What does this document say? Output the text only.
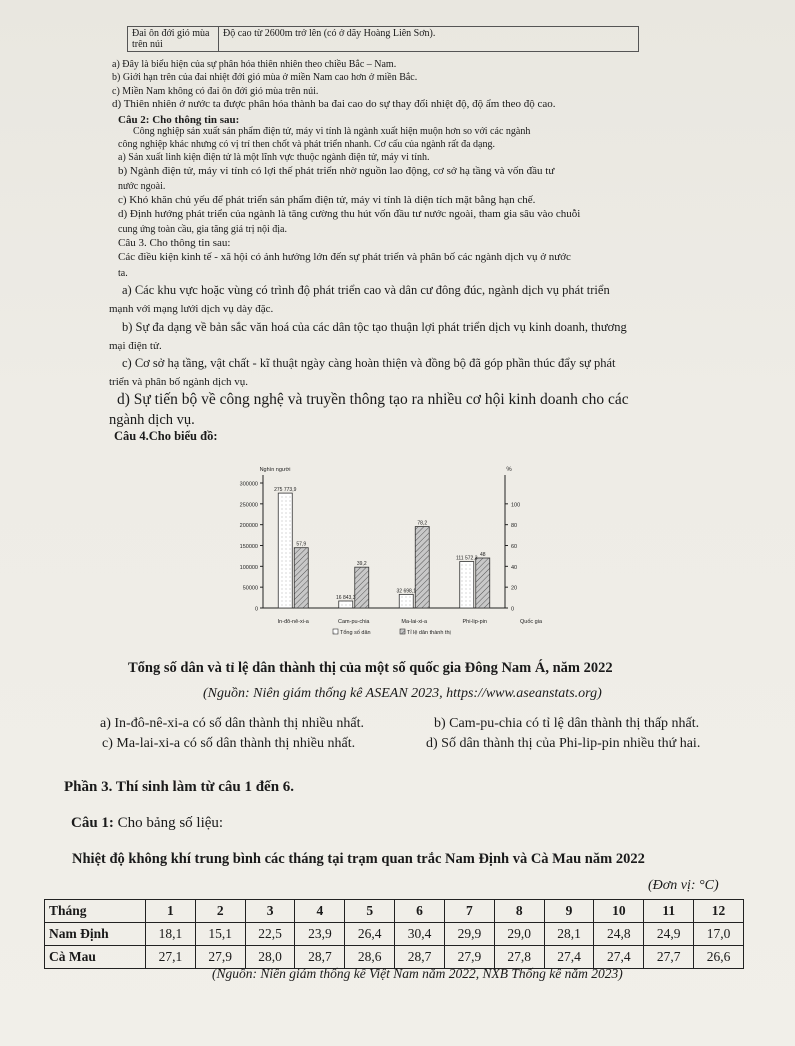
Đai ôn đới gió mùa trên núi	Độ cao từ 2600m trở lên (có ở dãy Hoàng Liên Sơn).
a) Đây là biểu hiện của sự phân hóa thiên nhiên theo chiều Bắc – Nam.
b) Giới hạn trên của đai nhiệt đới gió mùa ở miền Nam cao hơn ở miền Bắc.
c) Miền Nam không có đai ôn đới gió mùa trên núi.
d) Thiên nhiên ở nước ta được phân hóa thành ba đai cao do sự thay đổi nhiệt độ, độ ẩm theo độ cao.
Câu 2: Cho thông tin sau:
Công nghiệp sản xuất sản phẩm điện tử, máy vi tính là ngành xuất hiện muộn hơn so với các ngành
công nghiệp khác nhưng có vị trí then chốt và phát triển nhanh. Cơ cấu của ngành rất đa dạng.
a) Sản xuất linh kiện điện tử là một lĩnh vực thuộc ngành điện tử, máy vi tính.
b) Ngành điện tử, máy vi tính có lợi thế phát triển nhờ nguồn lao động, cơ sở hạ tầng và vốn đầu tư
nước ngoài.
c) Khó khăn chủ yếu để phát triển sản phẩm điện tử, máy vi tính là diện tích mặt bằng hạn chế.
d) Định hướng phát triển của ngành là tăng cường thu hút vốn đầu tư nước ngoài, tham gia sâu vào chuỗi
cung ứng toàn cầu, gia tăng giá trị nội địa.
Câu 3. Cho thông tin sau:
Các điều kiện kinh tế - xã hội có ảnh hưởng lớn đến sự phát triển và phân bố các ngành dịch vụ ở nước
ta.
a) Các khu vực hoặc vùng có trình độ phát triển cao và dân cư đông đúc, ngành dịch vụ phát triển
mạnh với mạng lưới dịch vụ dày đặc.
b) Sự đa dạng về bản sắc văn hoá của các dân tộc tạo thuận lợi phát triển dịch vụ kinh doanh, thương
mại điện tử.
c) Cơ sở hạ tầng, vật chất - kĩ thuật ngày càng hoàn thiện và đồng bộ đã góp phần thúc đẩy sự phát
triển và phân bố ngành dịch vụ.
d) Sự tiến bộ về công nghệ và truyền thông tạo ra nhiều cơ hội kinh doanh cho các
ngành dịch vụ.
Câu 4.Cho biểu đồ:
0
50000
100000
150000
200000
250000
300000
0
20
40
60
80
100
Nghìn người	%
Quốc gia
In-đô-nê-xi-a
275 773,9
57,9
Cam-pu-chia
16 843,3
39,2
Ma-lai-xi-a
32 698,1
78,2
Phi-lip-pin
111 572,3
48
Tổng số dân	Tỉ lệ dân thành thị
Tổng số dân và tỉ lệ dân thành thị của một số quốc gia Đông Nam Á, năm 2022
(Nguồn: Niên giám thống kê ASEAN 2023, https://www.aseanstats.org)
a) In-đô-nê-xi-a có số dân thành thị nhiều nhất.	b) Cam-pu-chia có tỉ lệ dân thành thị thấp nhất.
c) Ma-lai-xi-a có số dân thành thị nhiều nhất.	d) Số dân thành thị của Phi-lip-pin nhiều thứ hai.
Phần 3. Thí sinh làm từ câu 1 đến 6.
Câu 1: Cho bảng số liệu:
Nhiệt độ không khí trung bình các tháng tại trạm quan trắc Nam Định và Cà Mau năm 2022
(Đơn vị: °C)
Tháng	1	2	3	4	5	6	7	8	9	10	11	12
Nam Định	18,1	15,1	22,5	23,9	26,4	30,4	29,9	29,0	28,1	24,8	24,9	17,0
Cà Mau	27,1	27,9	28,0	28,7	28,6	28,7	27,9	27,8	27,4	27,4	27,7	26,6
(Nguồn: Niên giám thống kê Việt Nam năm 2022, NXB Thống kê năm 2023)
